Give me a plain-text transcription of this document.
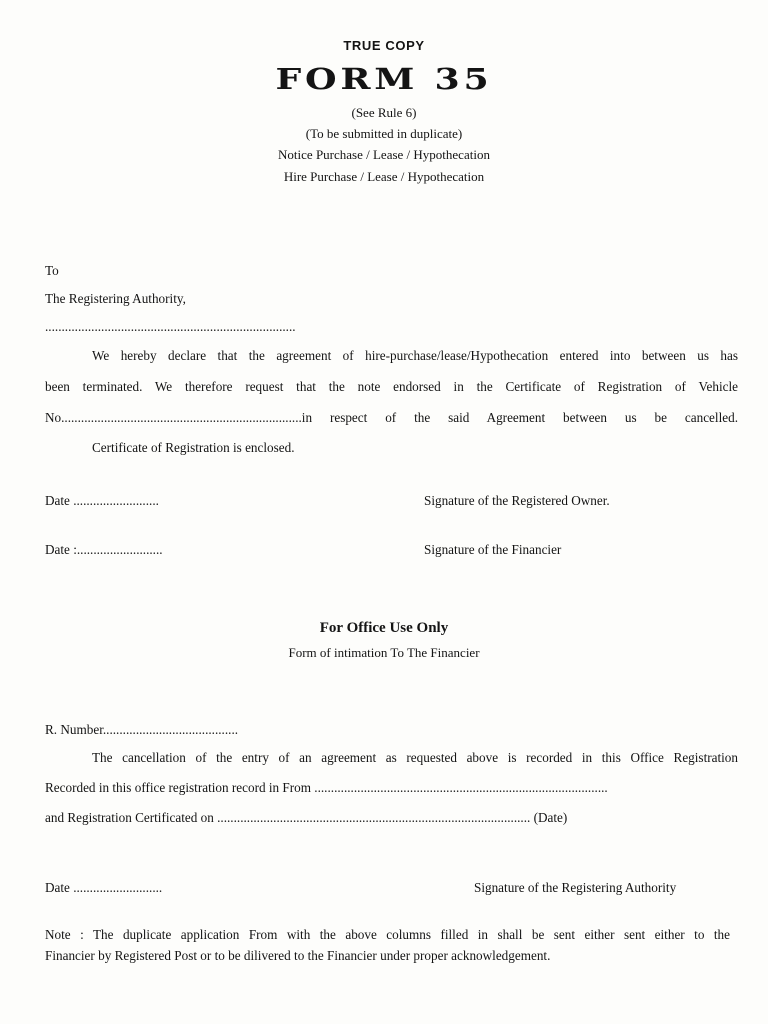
TRUE COPY
FORM 35
(See Rule 6)
(To be submitted in duplicate)
Notice Purchase / Lease / Hypothecation
Hire Purchase / Lease / Hypothecation
To
The Registering Authority,
............................................................................
We hereby declare that the agreement of hire-purchase/lease/Hypothecation entered into between us has
been terminated. We therefore request that the note endorsed in the Certificate of Registration of Vehicle
No.........................................................................in respect of the said Agreement between us be cancelled.
Certificate of Registration is enclosed.
Date ..........................	Signature of the Registered Owner.
Date :..........................	Signature of the Financier
For Office Use Only
Form of intimation To The Financier
R. Number.........................................
The cancellation of the entry of an agreement as requested above is recorded in this Office Registration
Recorded in this office registration record in From .........................................................................................
and Registration Certificated on ............................................................................................... (Date)
Date ...........................	Signature of the Registering Authority
Note : The duplicate application From with the above columns filled in shall be sent either sent either to the
Financier by Registered Post or to be dilivered to the Financier under proper acknowledgement.
